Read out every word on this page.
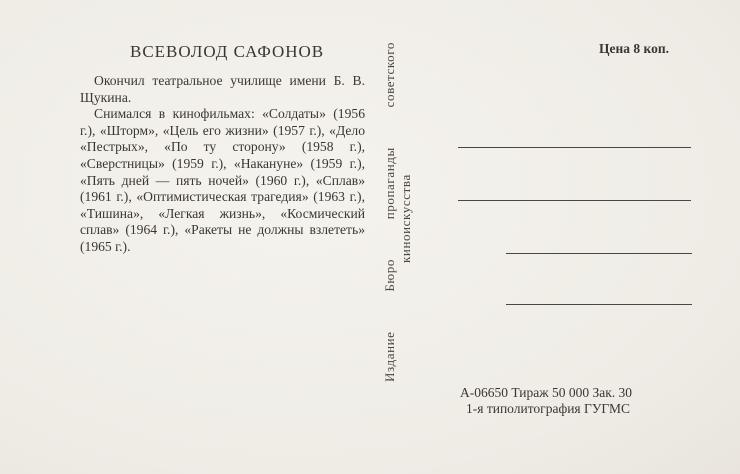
ВСЕВОЛОД САФОНОВ

Окончил театральное училище имени Б. В. Щукина.

Снимался в кинофильмах: «Солдаты» (1956 г.), «Шторм», «Цель его жизни» (1957 г.), «Дело «Пестрых», «По ту сторону» (1958 г.), «Сверстницы» (1959 г.), «Накануне» (1959 г.), «Пять дней — пять ночей» (1960 г.), «Сплав» (1961 г.), «Оптимистическая трагедия» (1963 г.), «Тишина», «Легкая жизнь», «Космический сплав» (1964 г.), «Ракеты не должны взлететь» (1965 г.).	Издание Бюро пропаганды советского киноискусства
Цена 8 коп.
А-06650 Тираж 50 000 Зак. 30
1-я типолитография ГУГМС
